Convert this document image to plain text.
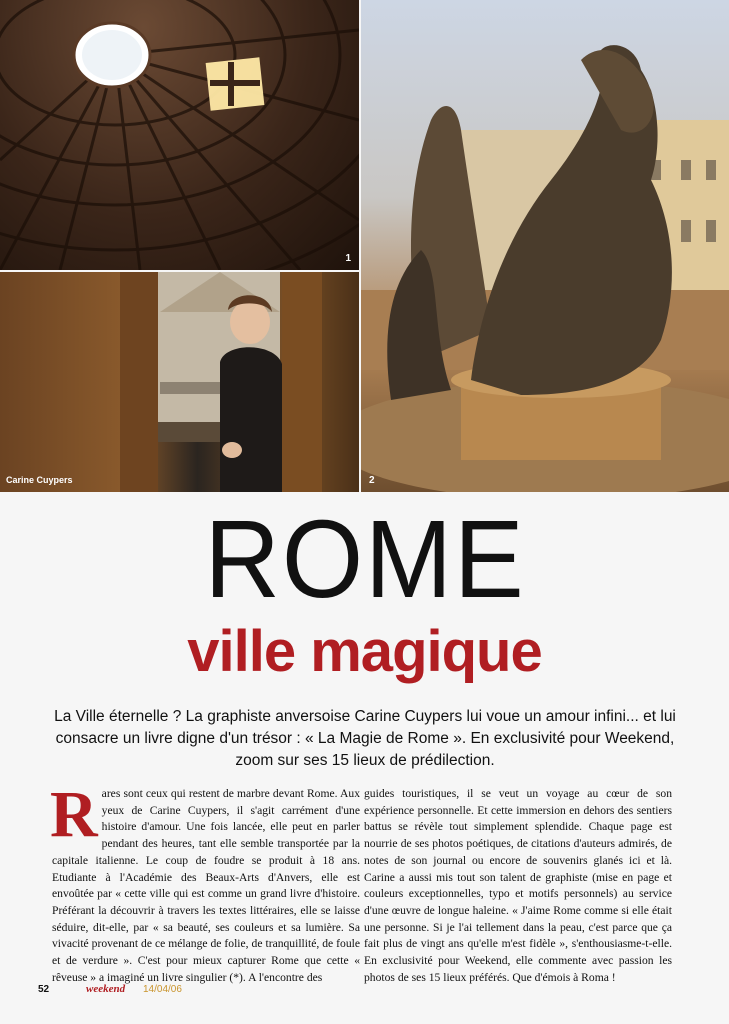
1
2
Carine Cuypers
ROME
ville magique
La Ville éternelle ? La graphiste anversoise Carine Cuypers lui voue un amour infini... et lui consacre un livre digne d'un trésor : « La Magie de Rome ». En exclusivité pour Weekend, zoom sur ses 15 lieux de prédilection.
Rares sont ceux qui restent de marbre devant Rome. Aux yeux de Carine Cuypers, il s'agit carrément d'une histoire d'amour. Une fois lancée, elle peut en parler pendant des heures, tant elle semble transportée par la capitale italienne. Le coup de foudre se produit à 18 ans. Etudiante à l'Académie des Beaux-Arts d'Anvers, elle est envoûtée par « cette ville qui est comme un grand livre d'histoire. Préférant la découvrir à travers les textes littéraires, elle se laisse séduire, dit-elle, par « sa beauté, ses couleurs et sa lumière. Sa vivacité provenant de ce mélange de folie, de tranquillité, de foule et de verdure ». C'est pour mieux capturer Rome que cette « rêveuse » a imaginé un livre singulier (*). A l'encontre des
guides touristiques, il se veut un voyage au cœur de son expérience personnelle. Et cette immersion en dehors des sentiers battus se révèle tout simplement splendide. Chaque page est nourrie de ses photos poétiques, de citations d'auteurs admirés, de notes de son journal ou encore de souvenirs glanés ici et là. Carine a aussi mis tout son talent de graphiste (mise en page et couleurs exceptionnelles, typo et motifs personnels) au service d'une œuvre de longue haleine. « J'aime Rome comme si elle était une personne. Si je l'ai tellement dans la peau, c'est parce que ça fait plus de vingt ans qu'elle m'est fidèle », s'enthousiasme-t-elle. En exclusivité pour Weekend, elle commente avec passion les photos de ses 15 lieux préférés. Que d'émois à Roma !
52	weekend 14/04/06
